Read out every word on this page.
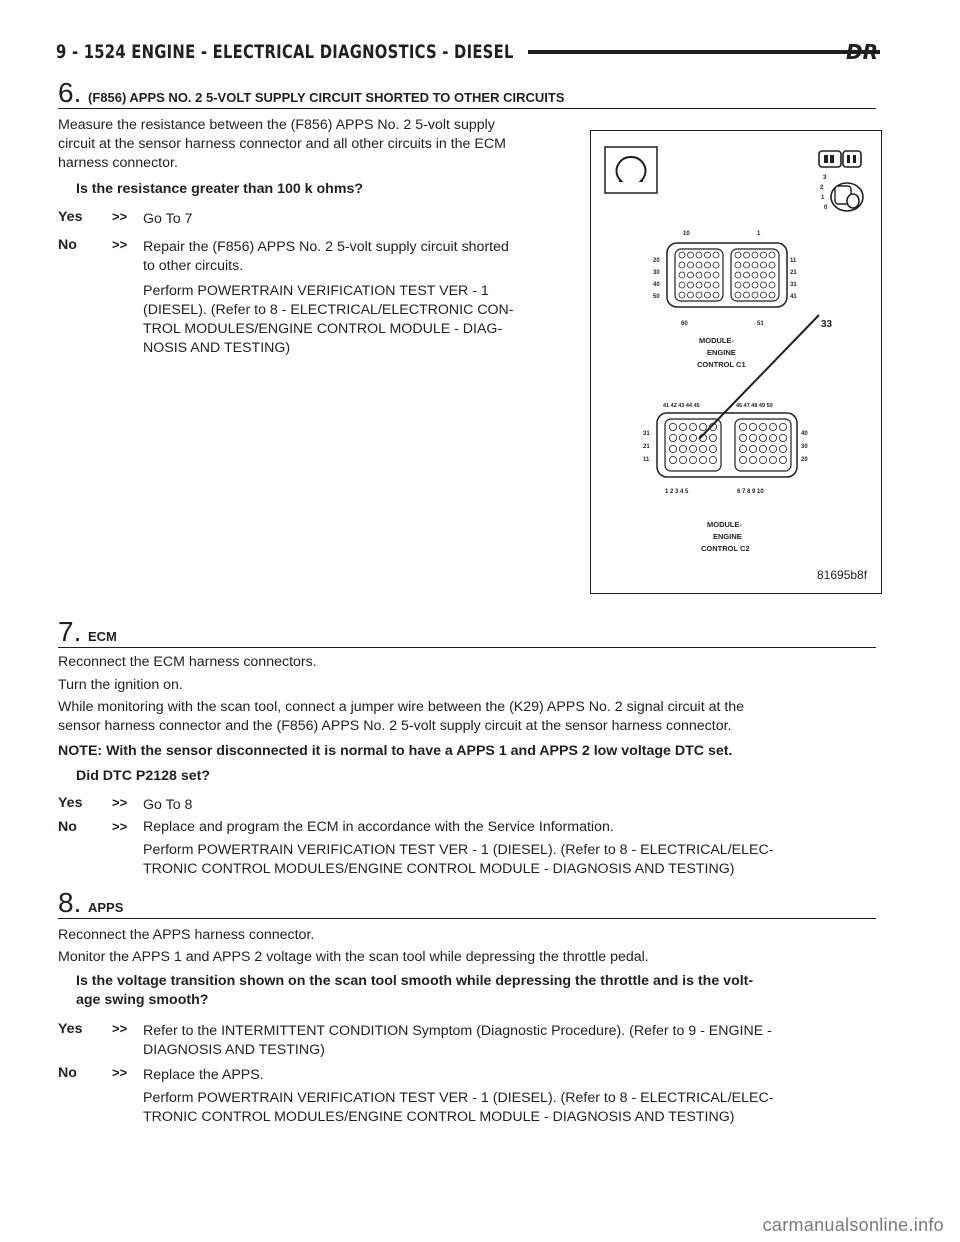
9 - 1524 ENGINE - ELECTRICAL DIAGNOSTICS - DIESEL	DR
6. (F856) APPS NO. 2 5-VOLT SUPPLY CIRCUIT SHORTED TO OTHER CIRCUITS
Measure the resistance between the (F856) APPS No. 2 5-volt supply
circuit at the sensor harness connector and all other circuits in the ECM
harness connector.
Is the resistance greater than 100 k ohms?
Yes >> Go To 7
No	>> Repair the (F856) APPS No. 2 5-volt supply circuit shorted
to other circuits.
Perform POWERTRAIN VERIFICATION TEST VER - 1
(DIESEL). (Refer to 8 - ELECTRICAL/ELECTRONIC CON-
TROL MODULES/ENGINE CONTROL MODULE - DIAG-
NOSIS AND TESTING)
3
2
1
0
10	1
20
30
40
50
11
21
31
41
60	51
MODULE-
ENGINE
CONTROL C1
33
41 42 43 44 45	46 47 48 49 50
31
21
11
40
30
20
1 2 3 4 5	6 7 8 9 10
MODULE-
ENGINE
CONTROL C2
81695b8f
7. ECM
Reconnect the ECM harness connectors.
Turn the ignition on.
While monitoring with the scan tool, connect a jumper wire between the (K29) APPS No. 2 signal circuit at the
sensor harness connector and the (F856) APPS No. 2 5-volt supply circuit at the sensor harness connector.
NOTE: With the sensor disconnected it is normal to have a APPS 1 and APPS 2 low voltage DTC set.
Did DTC P2128 set?
Yes >> Go To 8
No	>> Replace and program the ECM in accordance with the Service Information.
Perform POWERTRAIN VERIFICATION TEST VER - 1 (DIESEL). (Refer to 8 - ELECTRICAL/ELEC-
TRONIC CONTROL MODULES/ENGINE CONTROL MODULE - DIAGNOSIS AND TESTING)
8. APPS
Reconnect the APPS harness connector.
Monitor the APPS 1 and APPS 2 voltage with the scan tool while depressing the throttle pedal.
Is the voltage transition shown on the scan tool smooth while depressing the throttle and is the volt-
age swing smooth?
Yes >> Refer to the INTERMITTENT CONDITION Symptom (Diagnostic Procedure). (Refer to 9 - ENGINE -
DIAGNOSIS AND TESTING)
No	>> Replace the APPS.
Perform POWERTRAIN VERIFICATION TEST VER - 1 (DIESEL). (Refer to 8 - ELECTRICAL/ELEC-
TRONIC CONTROL MODULES/ENGINE CONTROL MODULE - DIAGNOSIS AND TESTING)
carmanualsonline.info
